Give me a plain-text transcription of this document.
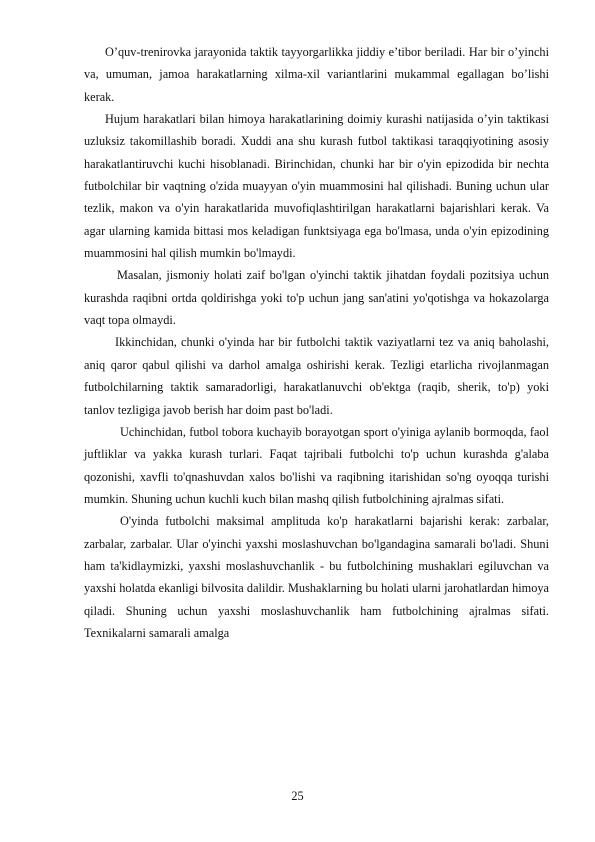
O’quv-trenirovka jarayonida taktik tayyorgarlikka jiddiy e’tibor beriladi. Har bir o’yinchi va, umuman, jamoa harakatlarning xilma-xil variantlarini mukammal egallagan bo’lishi kerak.

Hujum harakatlari bilan himoya harakatlarining doimiy kurashi natijasida o’yin taktikasi uzluksiz takomillashib boradi. Xuddi ana shu kurash futbol taktikasi taraqqiyotining asosiy harakatlantiruvchi kuchi hisoblanadi. Birinchidan, chunki har bir o'yin epizodida bir nechta futbolchilar bir vaqtning o'zida muayyan o'yin muammosini hal qilishadi. Buning uchun ular tezlik, makon va o'yin harakatlarida muvofiqlashtirilgan harakatlarni bajarishlari kerak. Va agar ularning kamida bittasi mos keladigan funktsiyaga ega bo'lmasa, unda o'yin epizodining muammosini hal qilish mumkin bo'lmaydi.

Masalan, jismoniy holati zaif bo'lgan o'yinchi taktik jihatdan foydali pozitsiya uchun kurashda raqibni ortda qoldirishga yoki to'p uchun jang san'atini yo'qotishga va hokazolarga vaqt topa olmaydi.

Ikkinchidan, chunki o'yinda har bir futbolchi taktik vaziyatlarni tez va aniq baholashi, aniq qaror qabul qilishi va darhol amalga oshirishi kerak. Tezligi etarlicha rivojlanmagan futbolchilarning taktik samaradorligi, harakatlanuvchi ob'ektga (raqib, sherik, to'p) yoki tanlov tezligiga javob berish har doim past bo'ladi.

Uchinchidan, futbol tobora kuchayib borayotgan sport o'yiniga aylanib bormoqda, faol juftliklar va yakka kurash turlari. Faqat tajribali futbolchi to'p uchun kurashda g'alaba qozonishi, xavfli to'qnashuvdan xalos bo'lishi va raqibning itarishidan so'ng oyoqqa turishi mumkin. Shuning uchun kuchli kuch bilan mashq qilish futbolchining ajralmas sifati.

O'yinda futbolchi maksimal amplituda ko'p harakatlarni bajarishi kerak: zarbalar, zarbalar, zarbalar. Ular o'yinchi yaxshi moslashuvchan bo'lgandagina samarali bo'ladi. Shuni ham ta'kidlaymizki, yaxshi moslashuvchanlik - bu futbolchining mushaklari egiluvchan va yaxshi holatda ekanligi bilvosita dalildir. Mushaklarning bu holati ularni jarohatlardan himoya qiladi. Shuning uchun yaxshi moslashuvchanlik ham futbolchining ajralmas sifati. Texnikalarni samarali amalga

25
